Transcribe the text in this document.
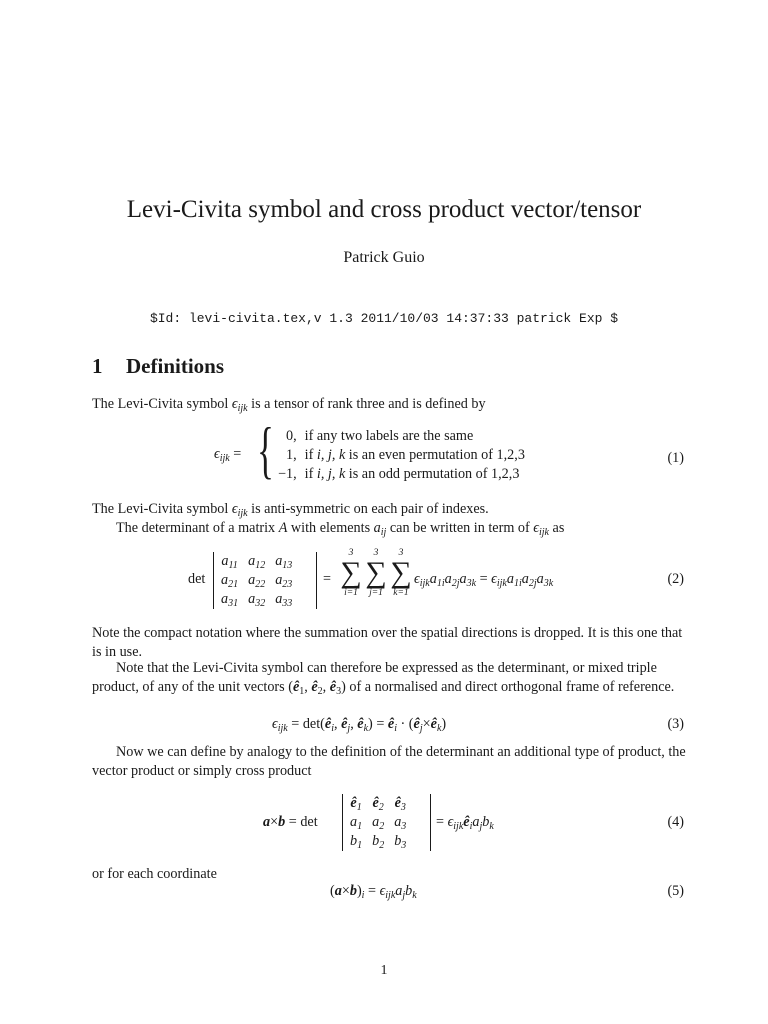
Levi-Civita symbol and cross product vector/tensor
Patrick Guio
$Id: levi-civita.tex,v 1.3 2011/10/03 14:37:33 patrick Exp $
1 Definitions
The Levi-Civita symbol $\epsilon_{ijk}$ is a tensor of rank three and is defined by
$\epsilon_{ijk}$ = { 0,	if any two labels are the same
1,	if i, j, k is an even permutation of 1,2,3
−1,	if i, j, k is an odd permutation of 1,2,3
(1)
The Levi-Civita symbol $\epsilon_{ijk}$ is anti-symmetric on each pair of indexes.
The determinant of a matrix A with elements $a_{ij}$ can be written in term of $\epsilon_{ijk}$ as
det
$a_{11}$	$a_{12}$	$a_{13}$
$a_{21}$	$a_{22}$	$a_{23}$
$a_{31}$	$a_{32}$	$a_{33}$
=
3
∑
i=1
3
∑
j=1
3
∑
k=1
$\epsilon_{ijk}a_{1i}a_{2j}a_{3k} = \epsilon_{ijk}a_{1i}a_{2j}a_{3k}$	(2)
Note the compact notation where the summation over the spatial directions is dropped. It is this one that is in use.
Note that the Levi-Civita symbol can therefore be expressed as the determinant, or mixed triple product, of any of the unit vectors ($ê_1$, $ê_2$, $ê_3$) of a normalised and direct orthogonal frame of reference.
$\epsilon_{ijk}$ = $\det(ê_i$, $ê_j$, $ê_k$) = $ê_i$ · $(ê_j\times ê_k)$	(3)
Now we can define by analogy to the definition of the determinant an additional type of product, the vector product or simply cross product
a×b = det
$ê_1$	$ê_2$	$ê_3$
$a_1$	$a_2$	$a_3$
$b_1$	$b_2$	$b_3$
= $\epsilon_{ijk}ê_ia_jb_k$	(4)
or for each coordinate
$(a\times b)_i = \epsilon_{ijk}a_jb_k$	(5)
1
